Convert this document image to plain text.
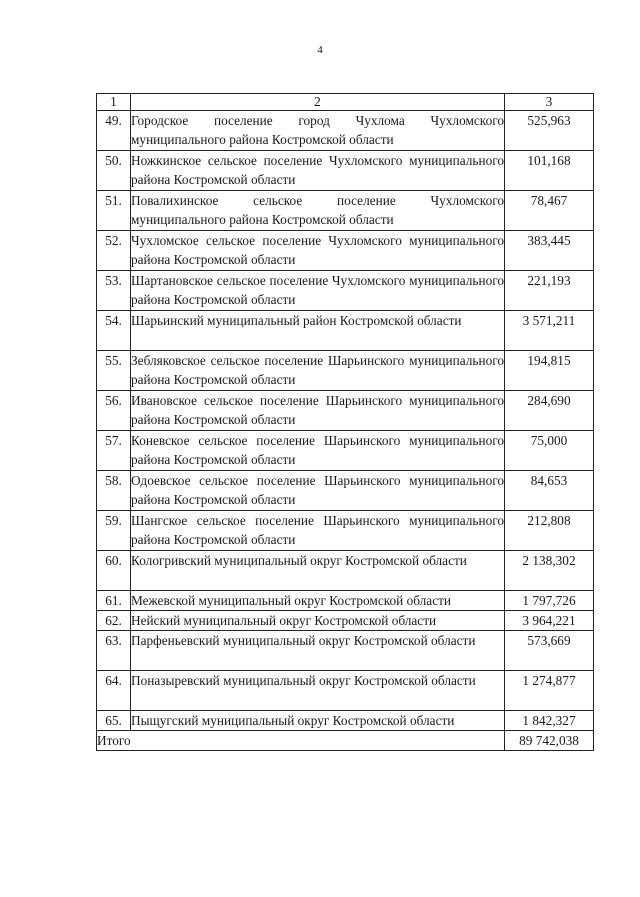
4
1	2	3
49.	Городское поселение город Чухлома Чухломского муниципального района Костромской области	525,963
50.	Ножкинское сельское поселение Чухломского муниципального района Костромской области	101,168
51.	Повалихинское сельское поселение Чухломского муниципального района Костромской области	78,467
52.	Чухломское сельское поселение Чухломского муниципального района Костромской области	383,445
53.	Шартановское сельское поселение Чухломского муниципального района Костромской области	221,193
54.	Шарьинский муниципальный район Костромской области	3 571,211
55.	Зебляковское сельское поселение Шарьинского муниципального района Костромской области	194,815
56.	Ивановское сельское поселение Шарьинского муниципального района Костромской области	284,690
57.	Коневское сельское поселение Шарьинского муниципального района Костромской области	75,000
58.	Одоевское сельское поселение Шарьинского муниципального района Костромской области	84,653
59.	Шангское сельское поселение Шарьинского муниципального района Костромской области	212,808
60.	Кологривский муниципальный округ Костромской области	2 138,302
61.	Межевской муниципальный округ Костромской области	1 797,726
62.	Нейский муниципальный округ Костромской области	3 964,221
63.	Парфеньевский муниципальный округ Костромской области	573,669
64.	Поназыревский муниципальный округ Костромской области	1 274,877
65.	Пыщугский муниципальный округ Костромской области	1 842,327
Итого		89 742,038
